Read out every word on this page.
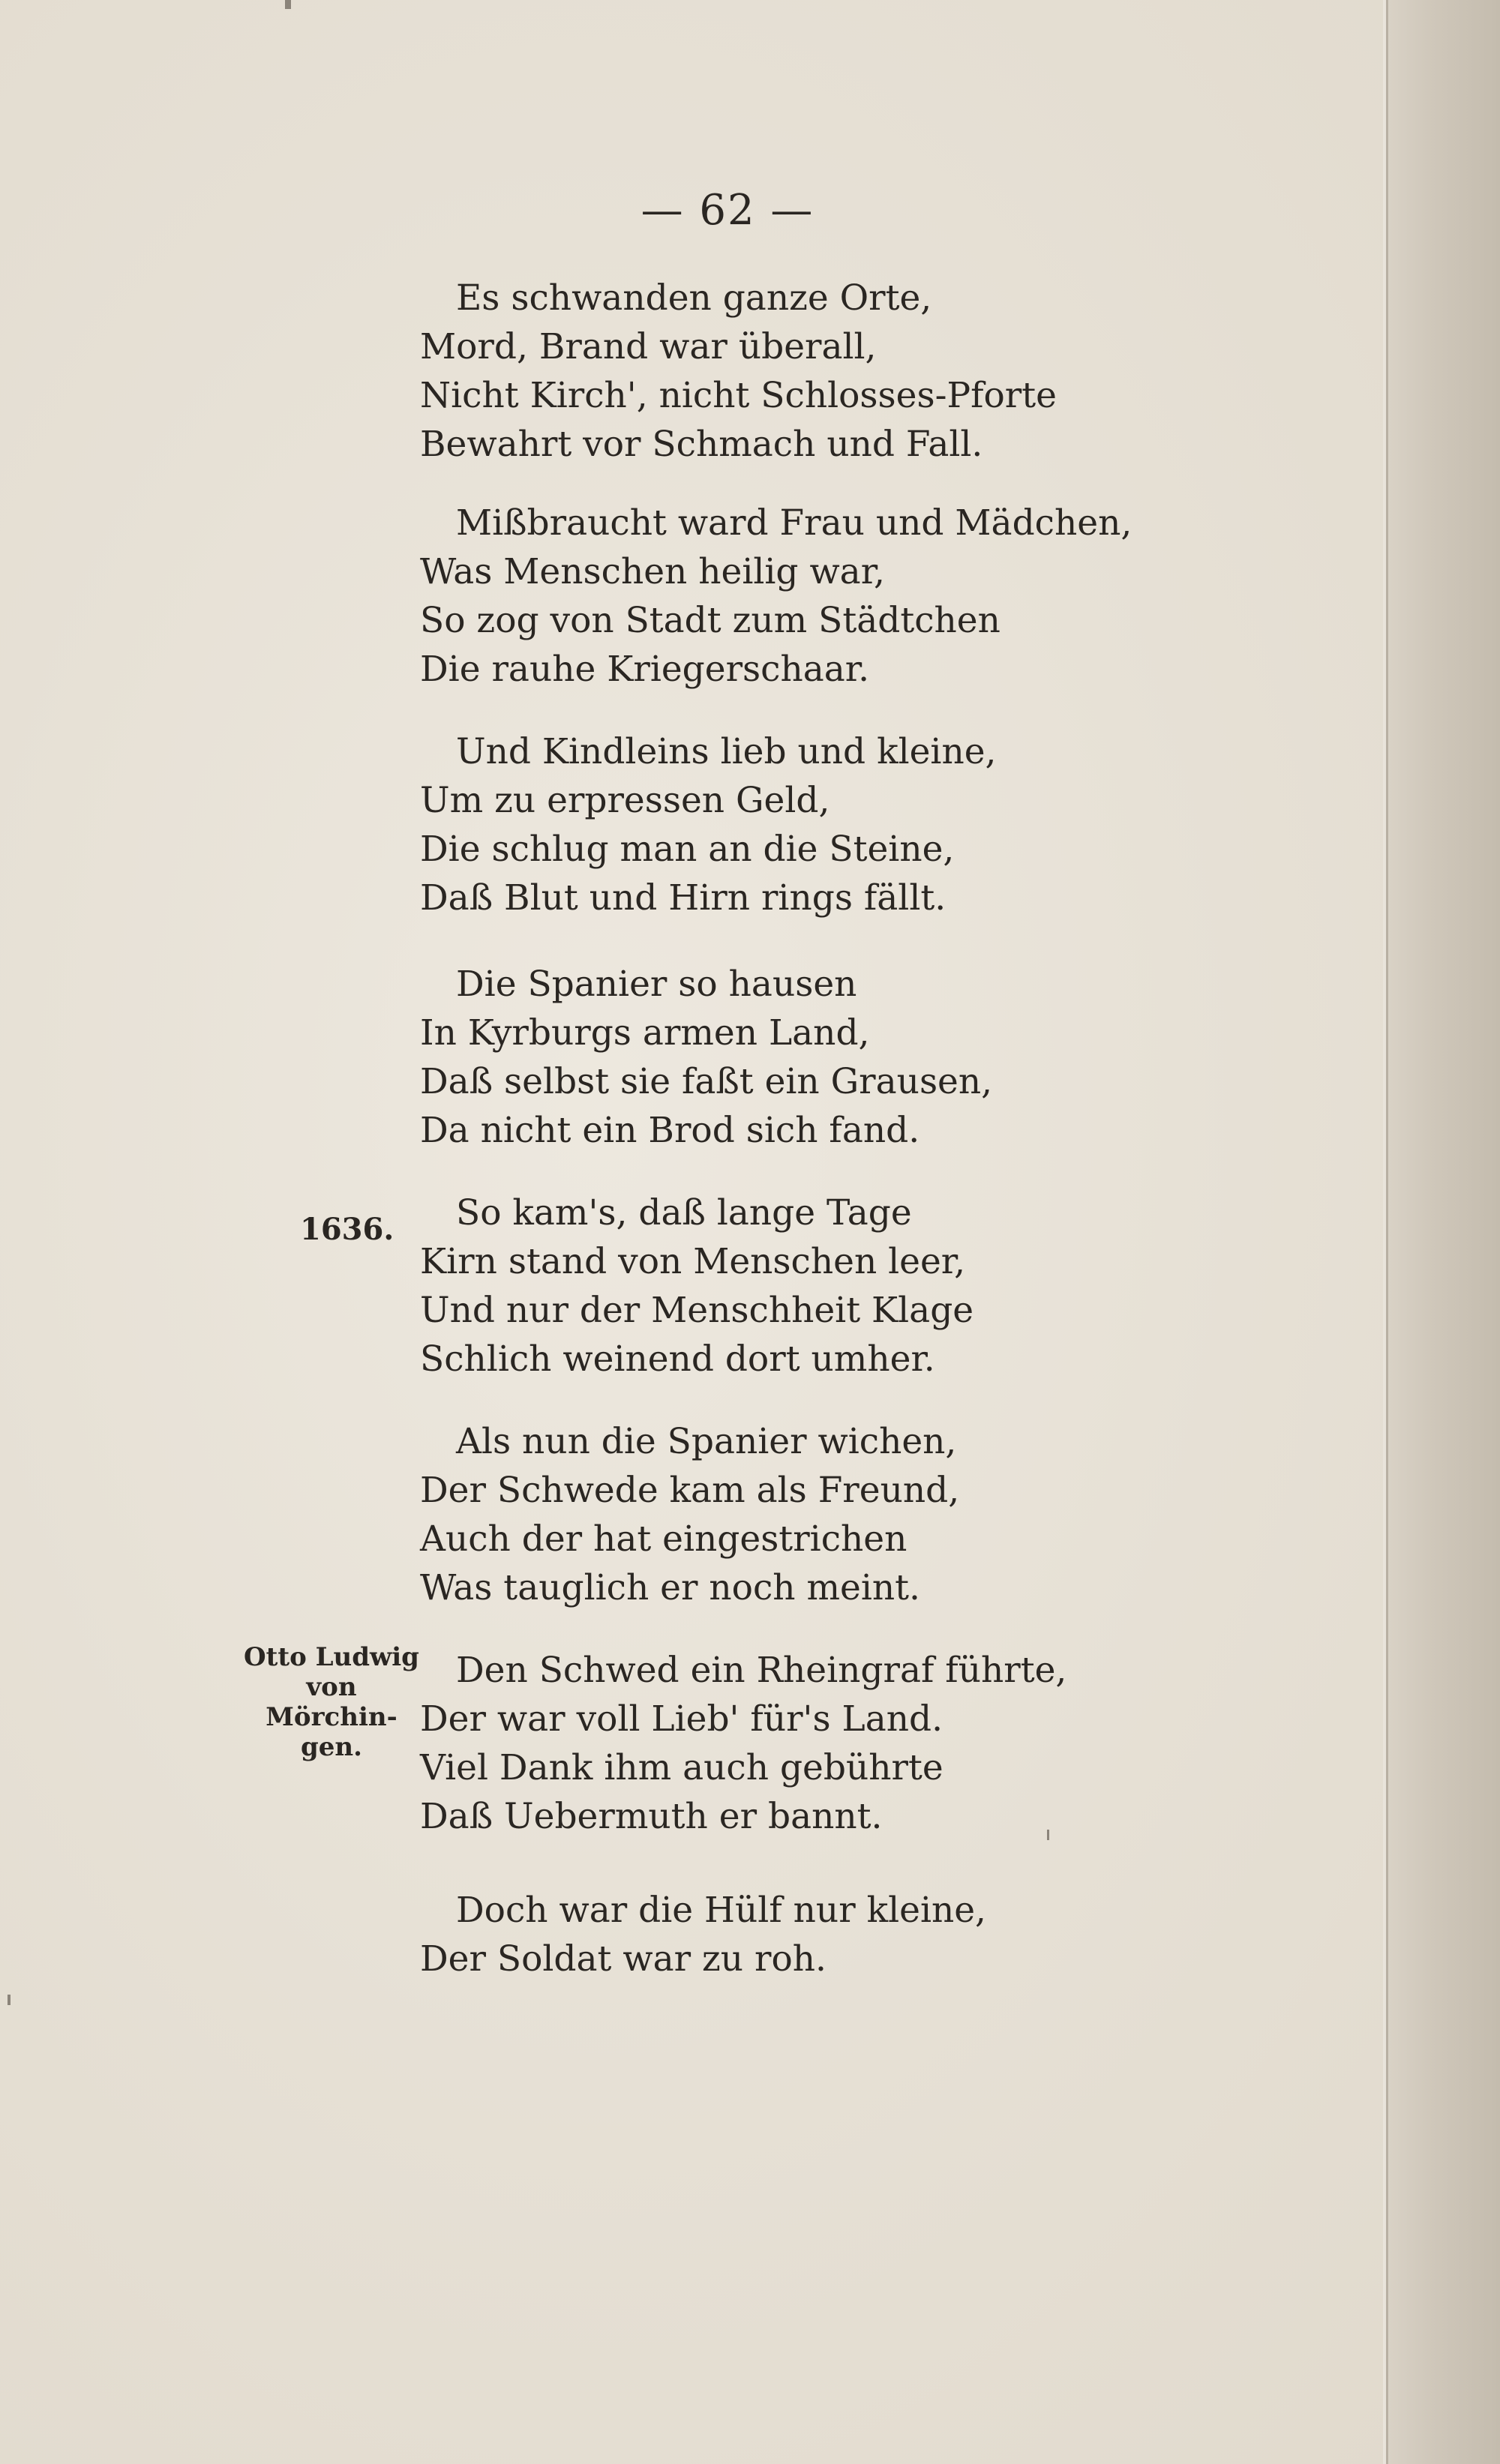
— 62 —
Es schwanden ganze Orte,
Mord, Brand war überall,
Nicht Kirch', nicht Schlosses-Pforte
Bewahrt vor Schmach und Fall.
Mißbraucht ward Frau und Mädchen,
Was Menschen heilig war,
So zog von Stadt zum Städtchen
Die rauhe Kriegerschaar.
Und Kindleins lieb und kleine,
Um zu erpressen Geld,
Die schlug man an die Steine,
Daß Blut und Hirn rings fällt.
Die Spanier so hausen
In Kyrburgs armen Land,
Daß selbst sie faßt ein Grausen,
Da nicht ein Brod sich fand.
So kam's, daß lange Tage
Kirn stand von Menschen leer,
Und nur der Menschheit Klage
Schlich weinend dort umher.
Als nun die Spanier wichen,
Der Schwede kam als Freund,
Auch der hat eingestrichen
Was tauglich er noch meint.
Den Schwed ein Rheingraf führte,
Der war voll Lieb' für's Land.
Viel Dank ihm auch gebührte
Daß Uebermuth er bannt.
Doch war die Hülf nur kleine,
Der Soldat war zu roh.
1636.
Otto Ludwig
von Mörchin-
gen.
